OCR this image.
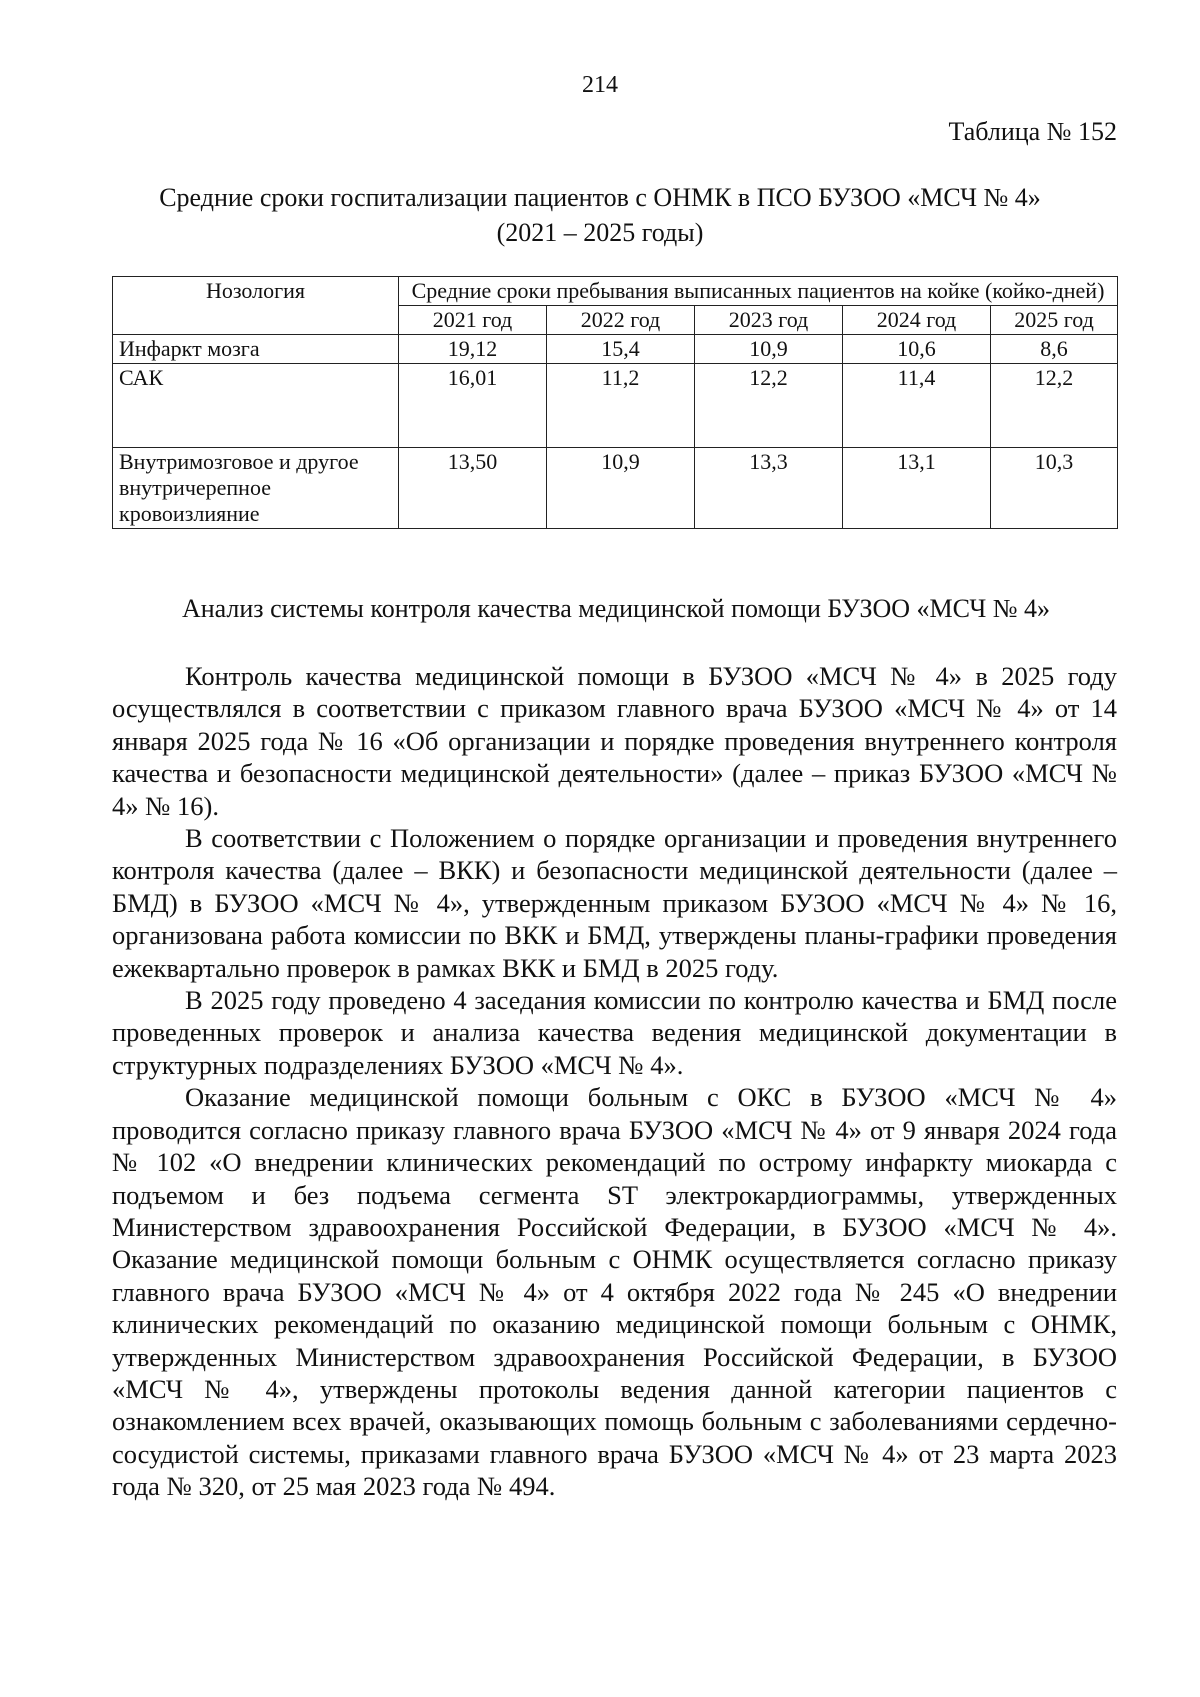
214
Таблица № 152
Средние сроки госпитализации пациентов с ОНМК в ПСО БУЗОО «МСЧ № 4»
(2021 – 2025 годы)
Нозология	Средние сроки пребывания выписанных пациентов на койке (койко-дней)				
	2021 год	2022 год	2023 год	2024 год	2025 год
Инфаркт мозга	19,12	15,4	10,9	10,6	8,6
САК	16,01	11,2	12,2	11,4	12,2
Внутримозговое и другое внутричерепное кровоизлияние	13,50	10,9	13,3	13,1	10,3
Анализ системы контроля качества медицинской помощи БУЗОО «МСЧ № 4»

Контроль качества медицинской помощи в БУЗОО «МСЧ № 4» в 2025 году осуществлялся в соответствии с приказом главного врача БУЗОО «МСЧ № 4» от 14 января 2025 года № 16 «Об организации и порядке проведения внутреннего контроля качества и безопасности медицинской деятельности» (далее – приказ БУЗОО «МСЧ № 4» № 16).

В соответствии с Положением о порядке организации и проведения внутреннего контроля качества (далее – ВКК) и безопасности медицинской деятельности (далее – БМД) в БУЗОО «МСЧ № 4», утвержденным приказом БУЗОО «МСЧ № 4» № 16, организована работа комиссии по ВКК и БМД, утверждены планы-графики проведения ежеквартально проверок в рамках ВКК и БМД в 2025 году.

В 2025 году проведено 4 заседания комиссии по контролю качества и БМД после проведенных проверок и анализа качества ведения медицинской документации в структурных подразделениях БУЗОО «МСЧ № 4».

Оказание медицинской помощи больным с ОКС в БУЗОО «МСЧ № 4» проводится согласно приказу главного врача БУЗОО «МСЧ № 4» от 9 января 2024 года № 102 «О внедрении клинических рекомендаций по острому инфаркту миокарда с подъемом и без подъема сегмента ST электрокардиограммы, утвержденных Министерством здравоохранения Российской Федерации, в БУЗОО «МСЧ № 4». Оказание медицинской помощи больным с ОНМК осуществляется согласно приказу главного врача БУЗОО «МСЧ № 4» от 4 октября 2022 года № 245 «О внедрении клинических рекомендаций по оказанию медицинской помощи больным с ОНМК, утвержденных Министерством здравоохранения Российской Федерации, в БУЗОО «МСЧ № 4», утверждены протоколы ведения данной категории пациентов с ознакомлением всех врачей, оказывающих помощь больным с заболеваниями сердечно-сосудистой системы, приказами главного врача БУЗОО «МСЧ № 4» от 23 марта 2023 года № 320, от 25 мая 2023 года № 494.
